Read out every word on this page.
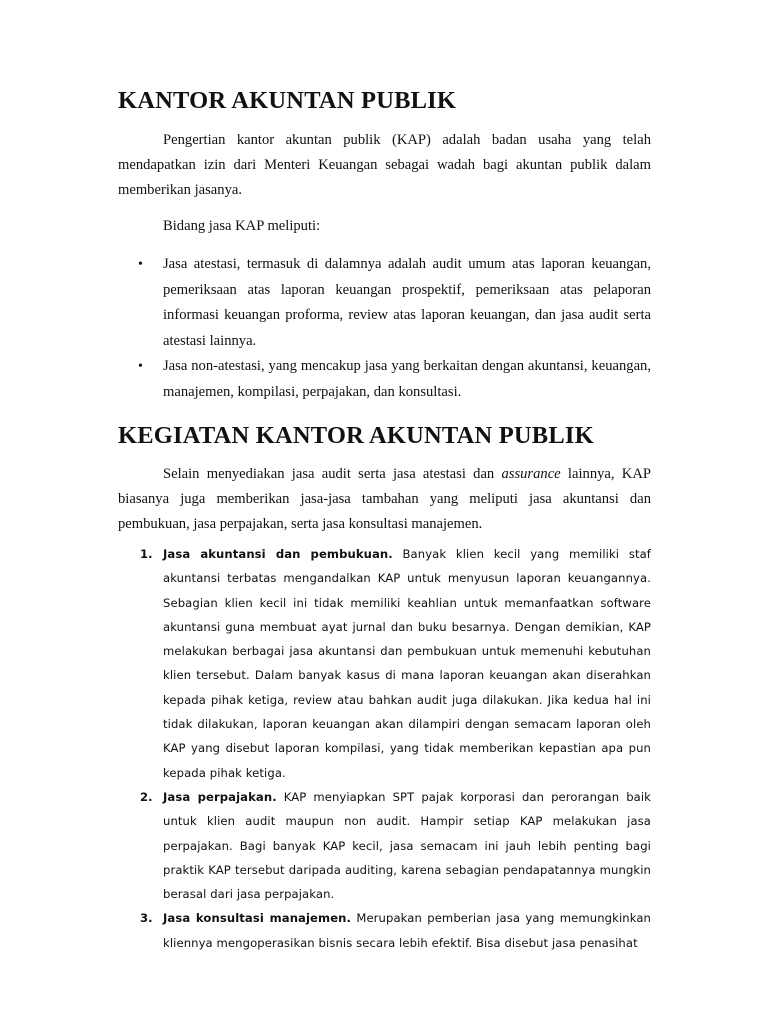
KANTOR AKUNTAN PUBLIK

Pengertian kantor akuntan publik (KAP) adalah badan usaha yang telah mendapatkan izin dari Menteri Keuangan sebagai wadah bagi akuntan publik dalam memberikan jasanya.

Bidang jasa KAP meliputi:

• Jasa atestasi, termasuk di dalamnya adalah audit umum atas laporan keuangan, pemeriksaan atas laporan keuangan prospektif, pemeriksaan atas pelaporan informasi keuangan proforma, review atas laporan keuangan, dan jasa audit serta atestasi lainnya.
• Jasa non-atestasi, yang mencakup jasa yang berkaitan dengan akuntansi, keuangan, manajemen, kompilasi, perpajakan, dan konsultasi.
KEGIATAN KANTOR AKUNTAN PUBLIK

Selain menyediakan jasa audit serta jasa atestasi dan assurance lainnya, KAP biasanya juga memberikan jasa-jasa tambahan yang meliputi jasa akuntansi dan pembukuan, jasa perpajakan, serta jasa konsultasi manajemen.

1. Jasa akuntansi dan pembukuan. Banyak klien kecil yang memiliki staf akuntansi terbatas mengandalkan KAP untuk menyusun laporan keuangannya. Sebagian klien kecil ini tidak memiliki keahlian untuk memanfaatkan software akuntansi guna membuat ayat jurnal dan buku besarnya. Dengan demikian, KAP melakukan berbagai jasa akuntansi dan pembukuan untuk memenuhi kebutuhan klien tersebut. Dalam banyak kasus di mana laporan keuangan akan diserahkan kepada pihak ketiga, review atau bahkan audit juga dilakukan. Jika kedua hal ini tidak dilakukan, laporan keuangan akan dilampiri dengan semacam laporan oleh KAP yang disebut laporan kompilasi, yang tidak memberikan kepastian apa pun kepada pihak ketiga.
2. Jasa perpajakan. KAP menyiapkan SPT pajak korporasi dan perorangan baik untuk klien audit maupun non audit. Hampir setiap KAP melakukan jasa perpajakan. Bagi banyak KAP kecil, jasa semacam ini jauh lebih penting bagi praktik KAP tersebut daripada auditing, karena sebagian pendapatannya mungkin berasal dari jasa perpajakan.
3. Jasa konsultasi manajemen. Merupakan pemberian jasa yang memungkinkan kliennya mengoperasikan bisnis secara lebih efektif. Bisa disebut jasa penasihat
